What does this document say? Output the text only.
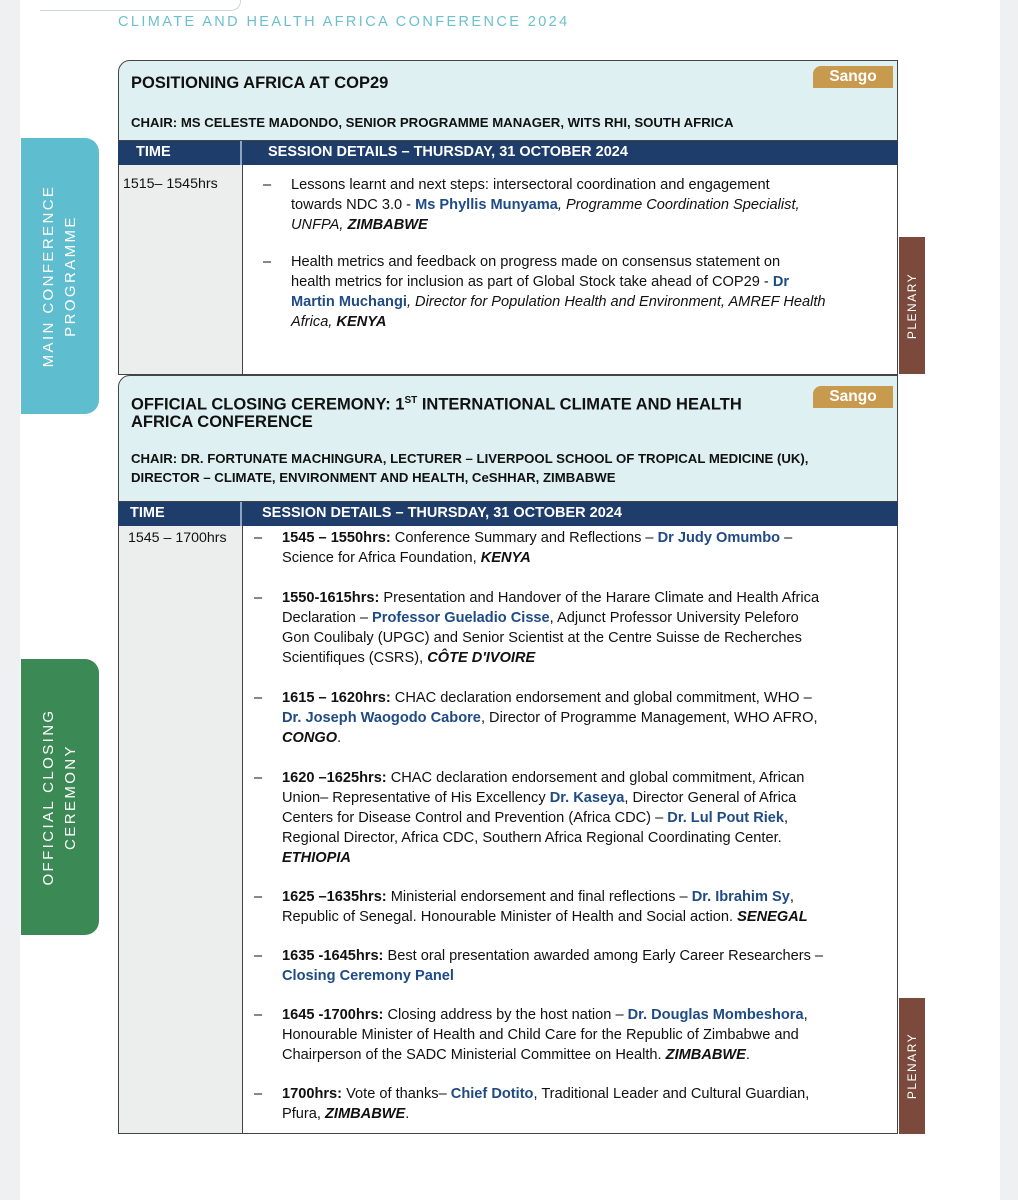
CLIMATE AND HEALTH AFRICA CONFERENCE 2024
MAIN CONFERENCE
PROGRAMME
OFFICIAL CLOSING
CEREMONY
POSITIONING AFRICA AT COP29
CHAIR: MS CELESTE MADONDO, SENIOR PROGRAMME MANAGER, WITS RHI, SOUTH AFRICA
Sango
TIME	SESSION DETAILS – THURSDAY, 31 OCTOBER 2024
1515– 1545hrs	– Lessons learnt and next steps: intersectoral coordination and engagement
towards NDC 3.0 - Ms Phyllis Munyama, Programme Coordination Specialist,
UNFPA, ZIMBABWE
– Health metrics and feedback on progress made on consensus statement on
health metrics for inclusion as part of Global Stock take ahead of COP29 - Dr
Martin Muchangi, Director for Population Health and Environment, AMREF Health
Africa, KENYA	PLENARY
OFFICIAL CLOSING CEREMONY: 1ST INTERNATIONAL CLIMATE AND HEALTH
AFRICA CONFERENCE
CHAIR: DR. FORTUNATE MACHINGURA, LECTURER – LIVERPOOL SCHOOL OF TROPICAL MEDICINE (UK),
DIRECTOR – CLIMATE, ENVIRONMENT AND HEALTH, CeSHHAR, ZIMBABWE
Sango
TIME	SESSION DETAILS – THURSDAY, 31 OCTOBER 2024
1545 – 1700hrs – 1545 – 1550hrs: Conference Summary and Reflections – Dr Judy Omumbo –
Science for Africa Foundation, KENYA
– 1550-1615hrs: Presentation and Handover of the Harare Climate and Health Africa
Declaration – Professor Gueladio Cisse, Adjunct Professor University Peleforo
Gon Coulibaly (UPGC) and Senior Scientist at the Centre Suisse de Recherches
Scientifiques (CSRS), CÔTE D'IVOIRE
– 1615 – 1620hrs: CHAC declaration endorsement and global commitment, WHO –
Dr. Joseph Waogodo Cabore, Director of Programme Management, WHO AFRO,
CONGO.
– 1620 –1625hrs: CHAC declaration endorsement and global commitment, African
Union– Representative of His Excellency Dr. Kaseya, Director General of Africa
Centers for Disease Control and Prevention (Africa CDC) – Dr. Lul Pout Riek,
Regional Director, Africa CDC, Southern Africa Regional Coordinating Center.
ETHIOPIA
– 1625 –1635hrs: Ministerial endorsement and final reflections – Dr. Ibrahim Sy,
Republic of Senegal. Honourable Minister of Health and Social action. SENEGAL
– 1635 -1645hrs: Best oral presentation awarded among Early Career Researchers –
Closing Ceremony Panel
– 1645 -1700hrs: Closing address by the host nation – Dr. Douglas Mombeshora,
Honourable Minister of Health and Child Care for the Republic of Zimbabwe and
Chairperson of the SADC Ministerial Committee on Health. ZIMBABWE.
– 1700hrs: Vote of thanks– Chief Dotito, Traditional Leader and Cultural Guardian,
Pfura, ZIMBABWE.
PLENARY
